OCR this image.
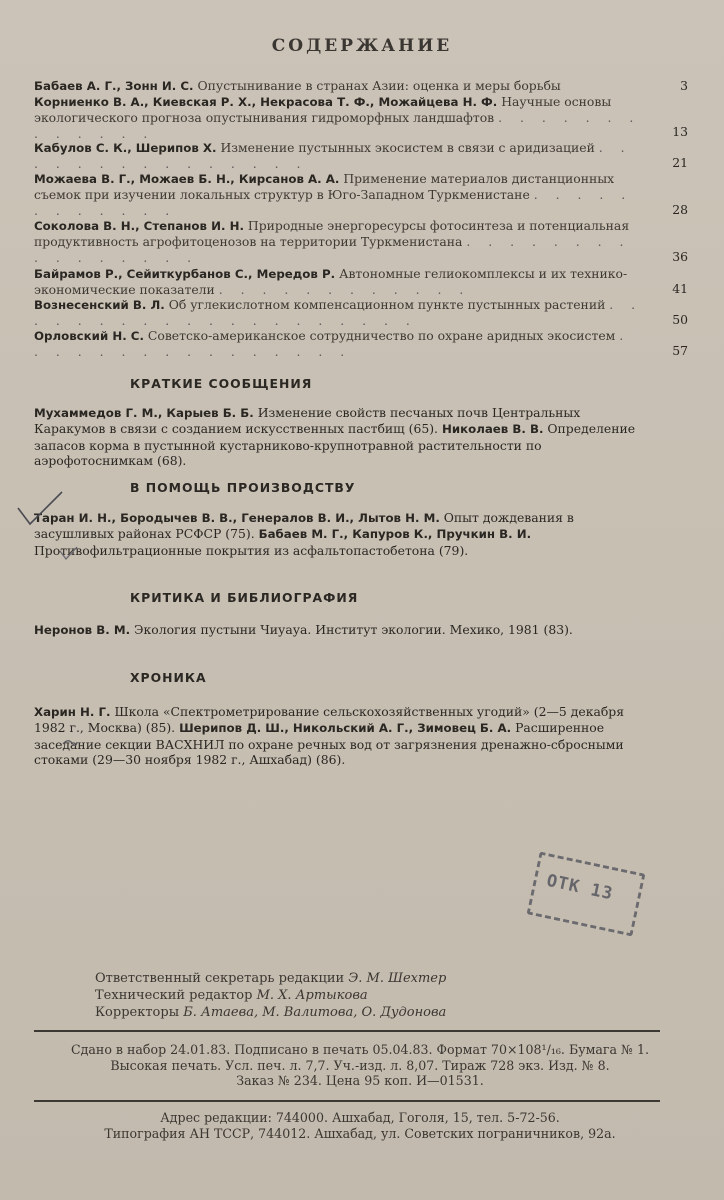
СОДЕРЖАНИЕ
Бабаев А. Г., Зонн И. С. Опустынивание в странах Азии: оценка и меры борьбы	3
Корниенко В. А., Киевская Р. Х., Некрасова Т. Ф., Можайцева Н. Ф. Научные основы экологического прогноза опустынивания гидроморфных ландшафтов . . . . . . . . . . . . .	13
Кабулов С. К., Шерипов Х. Изменение пустынных экосистем в связи с аридизацией . . . . . . . . . . . . . . .	21
Можаева В. Г., Можаев Б. Н., Кирсанов А. А. Применение материалов дистанционных съемок при изучении локальных структур в Юго-Западном Туркменистане . . . . . . . . . . . .	28
Соколова В. Н., Степанов И. Н. Природные энергоресурсы фотосинтеза и потенциальная продуктивность агрофитоценозов на территории Туркменистана . . . . . . . . . . . . . . . .	36
Байрамов Р., Сейиткурбанов С., Мередов Р. Автономные гелиокомплексы и их технико-экономические показатели . . . . . . . . . . . .	41
Вознесенский В. Л. Об углекислотном компенсационном пункте пустынных растений . . . . . . . . . . . . . . . . . . . .	50
Орловский Н. С. Советско-американское сотрудничество по охране аридных экосистем . . . . . . . . . . . . . . . .	57
КРАТКИЕ СООБЩЕНИЯ
Мухаммедов Г. М., Карыев Б. Б. Изменение свойств песчаных почв Центральных Каракумов в связи с созданием искусственных пастбищ (65). Николаев В. В. Определение запасов корма в пустынной кустарниково-крупнотравной растительности по аэрофотоснимкам (68).
В ПОМОЩЬ ПРОИЗВОДСТВУ
Таран И. Н., Бородычев В. В., Генералов В. И., Лытов Н. М. Опыт дождевания в засушливых районах РСФСР (75). Бабаев М. Г., Капуров К., Пручкин В. И. Противофильтрационные покрытия из асфальтопастобетона (79).
КРИТИКА И БИБЛИОГРАФИЯ
Неронов В. М. Экология пустыни Чиуауа. Институт экологии. Мехико, 1981 (83).
ХРОНИКА
Харин Н. Г. Школа «Спектрометрирование сельскохозяйственных угодий» (2—5 декабря 1982 г., Москва) (85). Шерипов Д. Ш., Никольский А. Г., Зимовец Б. А. Расширенное заседание секции ВАСХНИЛ по охране речных вод от загрязнения дренажно-сбросными стоками (29—30 ноября 1982 г., Ашхабад) (86).
ОТК 13
Ответственный секретарь редакции Э. М. Шехтер
Технический редактор М. Х. Артыкова
Корректоры Б. Атаева, М. Валитова, О. Дудонова
Сдано в набор 24.01.83. Подписано в печать 05.04.83. Формат 70×108¹/₁₆. Бумага № 1.
Высокая печать. Усл. печ. л. 7,7. Уч.-изд. л. 8,07. Тираж 728 экз. Изд. № 8.
Заказ № 234. Цена 95 коп. И—01531.
Адрес редакции: 744000. Ашхабад, Гоголя, 15, тел. 5-72-56.
Типография АН ТССР, 744012. Ашхабад, ул. Советских пограничников, 92а.
